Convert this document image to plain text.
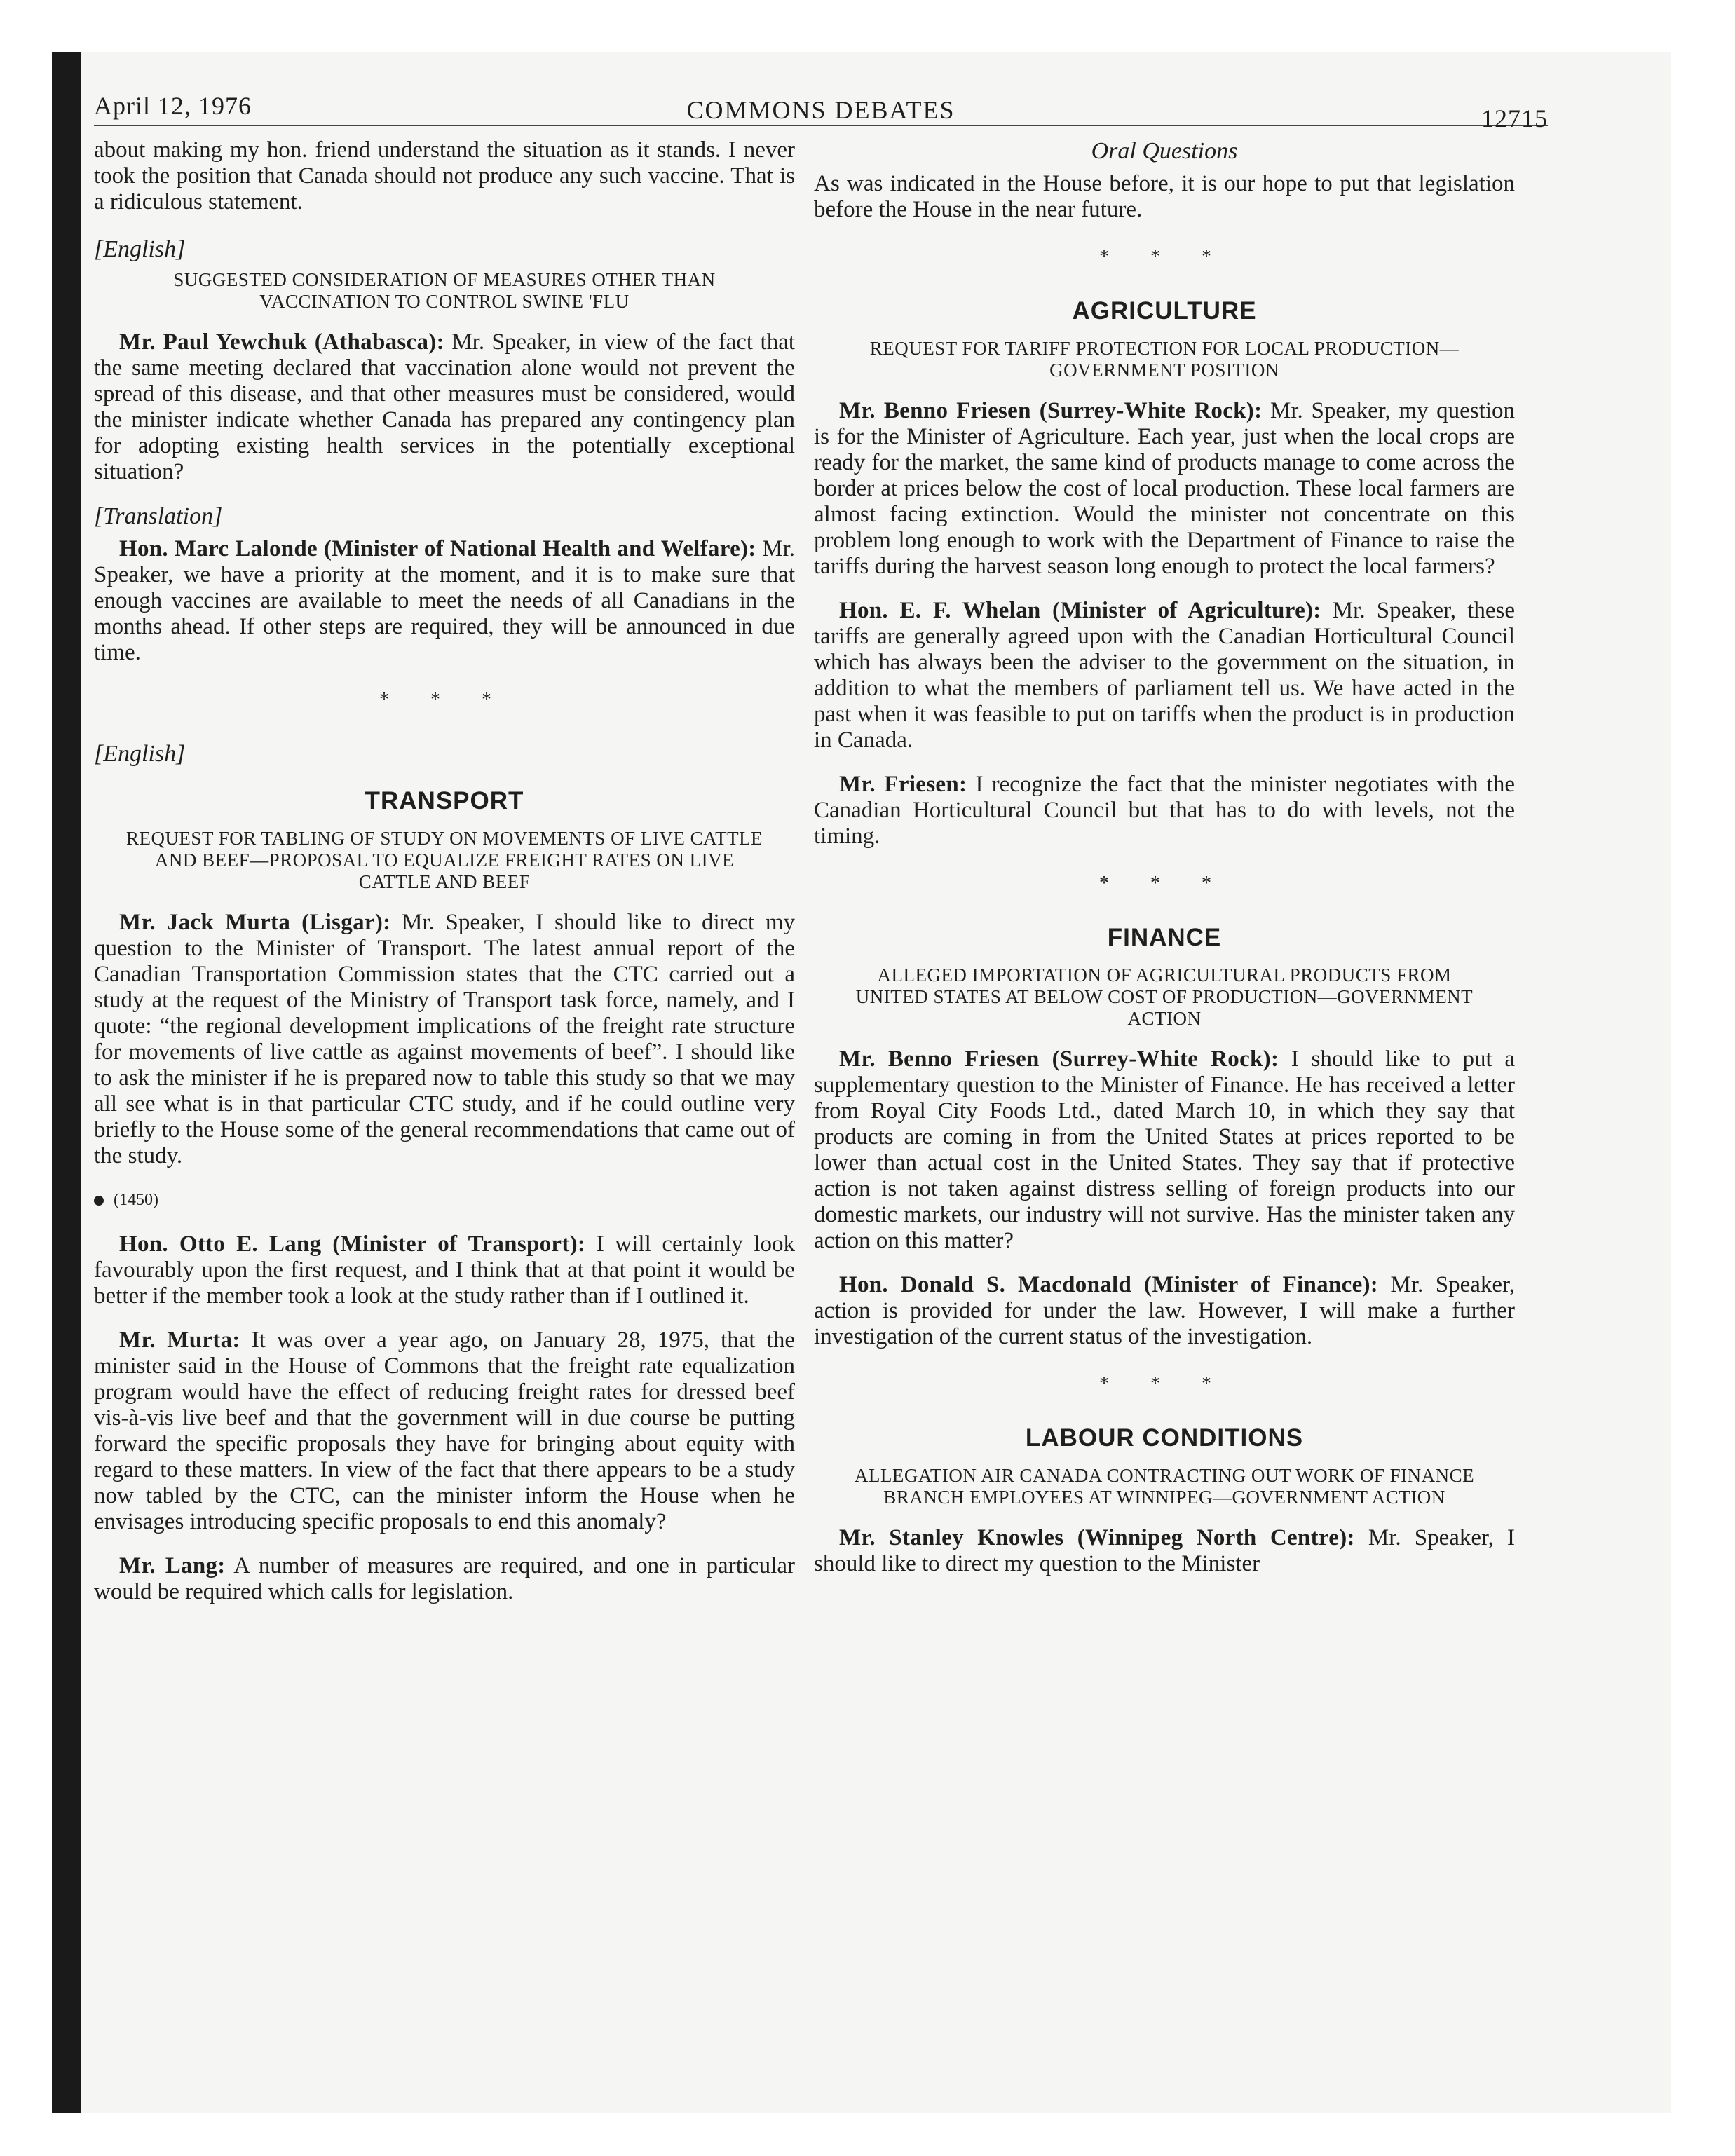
April 12, 1976	COMMONS DEBATES	12715

about making my hon. friend understand the situation as it stands. I never took the position that Canada should not produce any such vaccine. That is a ridiculous statement.

[English]
SUGGESTED CONSIDERATION OF MEASURES OTHER THAN VACCINATION TO CONTROL SWINE 'FLU

Mr. Paul Yewchuk (Athabasca): Mr. Speaker, in view of the fact that the same meeting declared that vaccination alone would not prevent the spread of this disease, and that other measures must be considered, would the minister indicate whether Canada has prepared any contingency plan for adopting existing health services in the potentially exceptional situation?

[Translation]

Hon. Marc Lalonde (Minister of National Health and Welfare): Mr. Speaker, we have a priority at the moment, and it is to make sure that enough vaccines are available to meet the needs of all Canadians in the months ahead. If other steps are required, they will be announced in due time.

* * *
[English]
TRANSPORT
REQUEST FOR TABLING OF STUDY ON MOVEMENTS OF LIVE CATTLE AND BEEF—PROPOSAL TO EQUALIZE FREIGHT RATES ON LIVE CATTLE AND BEEF

Mr. Jack Murta (Lisgar): Mr. Speaker, I should like to direct my question to the Minister of Transport. The latest annual report of the Canadian Transportation Commission states that the CTC carried out a study at the request of the Ministry of Transport task force, namely, and I quote: “the regional development implications of the freight rate structure for movements of live cattle as against movements of beef”. I should like to ask the minister if he is prepared now to table this study so that we may all see what is in that particular CTC study, and if he could outline very briefly to the House some of the general recommendations that came out of the study.

(1450)

Hon. Otto E. Lang (Minister of Transport): I will certainly look favourably upon the first request, and I think that at that point it would be better if the member took a look at the study rather than if I outlined it.

Mr. Murta: It was over a year ago, on January 28, 1975, that the minister said in the House of Commons that the freight rate equalization program would have the effect of reducing freight rates for dressed beef vis-à-vis live beef and that the government will in due course be putting forward the specific proposals they have for bringing about equity with regard to these matters. In view of the fact that there appears to be a study now tabled by the CTC, can the minister inform the House when he envisages introducing specific proposals to end this anomaly?

Mr. Lang: A number of measures are required, and one in particular would be required which calls for legislation.

Oral Questions

As was indicated in the House before, it is our hope to put that legislation before the House in the near future.

* * *
AGRICULTURE
REQUEST FOR TARIFF PROTECTION FOR LOCAL PRODUCTION—GOVERNMENT POSITION

Mr. Benno Friesen (Surrey-White Rock): Mr. Speaker, my question is for the Minister of Agriculture. Each year, just when the local crops are ready for the market, the same kind of products manage to come across the border at prices below the cost of local production. These local farmers are almost facing extinction. Would the minister not concentrate on this problem long enough to work with the Department of Finance to raise the tariffs during the harvest season long enough to protect the local farmers?

Hon. E. F. Whelan (Minister of Agriculture): Mr. Speaker, these tariffs are generally agreed upon with the Canadian Horticultural Council which has always been the adviser to the government on the situation, in addition to what the members of parliament tell us. We have acted in the past when it was feasible to put on tariffs when the product is in production in Canada.

Mr. Friesen: I recognize the fact that the minister negotiates with the Canadian Horticultural Council but that has to do with levels, not the timing.

* * *
FINANCE
ALLEGED IMPORTATION OF AGRICULTURAL PRODUCTS FROM UNITED STATES AT BELOW COST OF PRODUCTION—GOVERNMENT ACTION

Mr. Benno Friesen (Surrey-White Rock): I should like to put a supplementary question to the Minister of Finance. He has received a letter from Royal City Foods Ltd., dated March 10, in which they say that products are coming in from the United States at prices reported to be lower than actual cost in the United States. They say that if protective action is not taken against distress selling of foreign products into our domestic markets, our industry will not survive. Has the minister taken any action on this matter?

Hon. Donald S. Macdonald (Minister of Finance): Mr. Speaker, action is provided for under the law. However, I will make a further investigation of the current status of the investigation.

* * *
LABOUR CONDITIONS
ALLEGATION AIR CANADA CONTRACTING OUT WORK OF FINANCE BRANCH EMPLOYEES AT WINNIPEG—GOVERNMENT ACTION

Mr. Stanley Knowles (Winnipeg North Centre): Mr. Speaker, I should like to direct my question to the Minister
